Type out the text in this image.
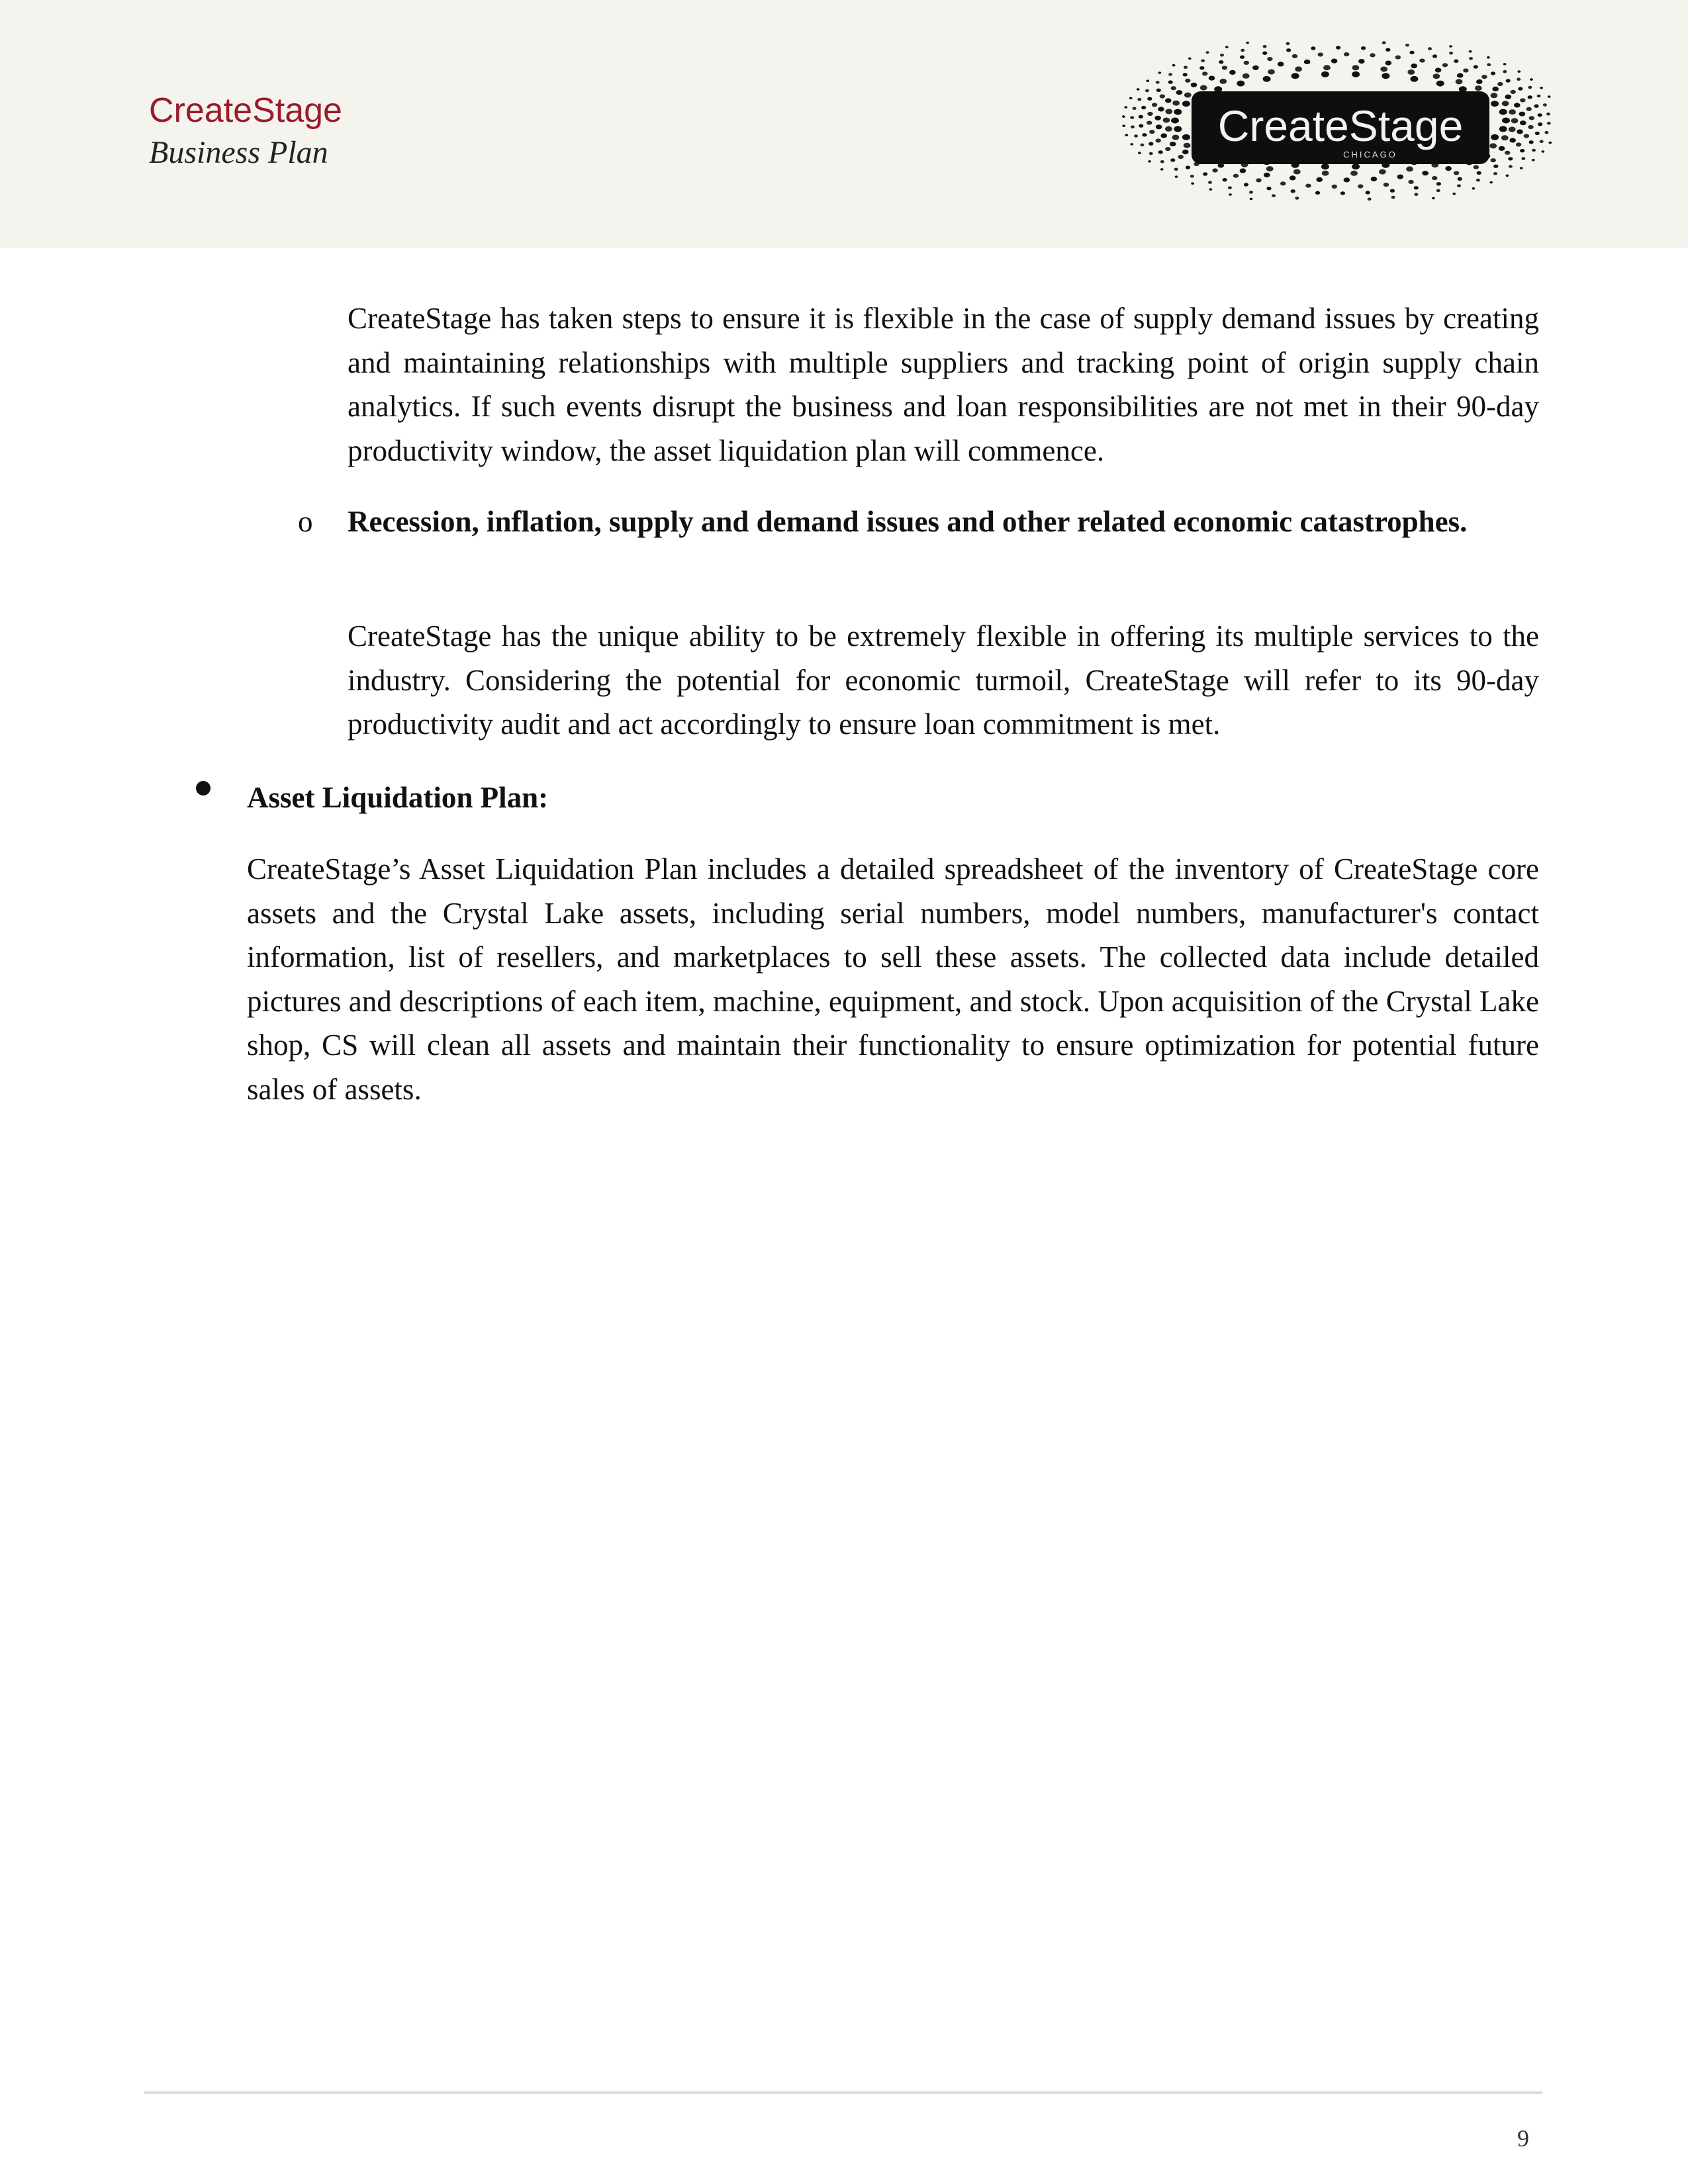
CreateStage
Business Plan
CreateStage
CHICAGO

CreateStage has taken steps to ensure it is flexible in the case of supply demand issues by creating and maintaining relationships with multiple suppliers and tracking point of origin supply chain analytics. If such events disrupt the business and loan responsibilities are not met in their 90-day productivity window, the asset liquidation plan will commence.

o Recession, inflation, supply and demand issues and other related economic catastrophes.

CreateStage has the unique ability to be extremely flexible in offering its multiple services to the industry. Considering the potential for economic turmoil, CreateStage will refer to its 90-day productivity audit and act accordingly to ensure loan commitment is met.

Asset Liquidation Plan:

CreateStage’s Asset Liquidation Plan includes a detailed spreadsheet of the inventory of CreateStage core assets and the Crystal Lake assets, including serial numbers, model numbers, manufacturer's contact information, list of resellers, and marketplaces to sell these assets. The collected data include detailed pictures and descriptions of each item, machine, equipment, and stock. Upon acquisition of the Crystal Lake shop, CS will clean all assets and maintain their functionality to ensure optimization for potential future sales of assets.

9
